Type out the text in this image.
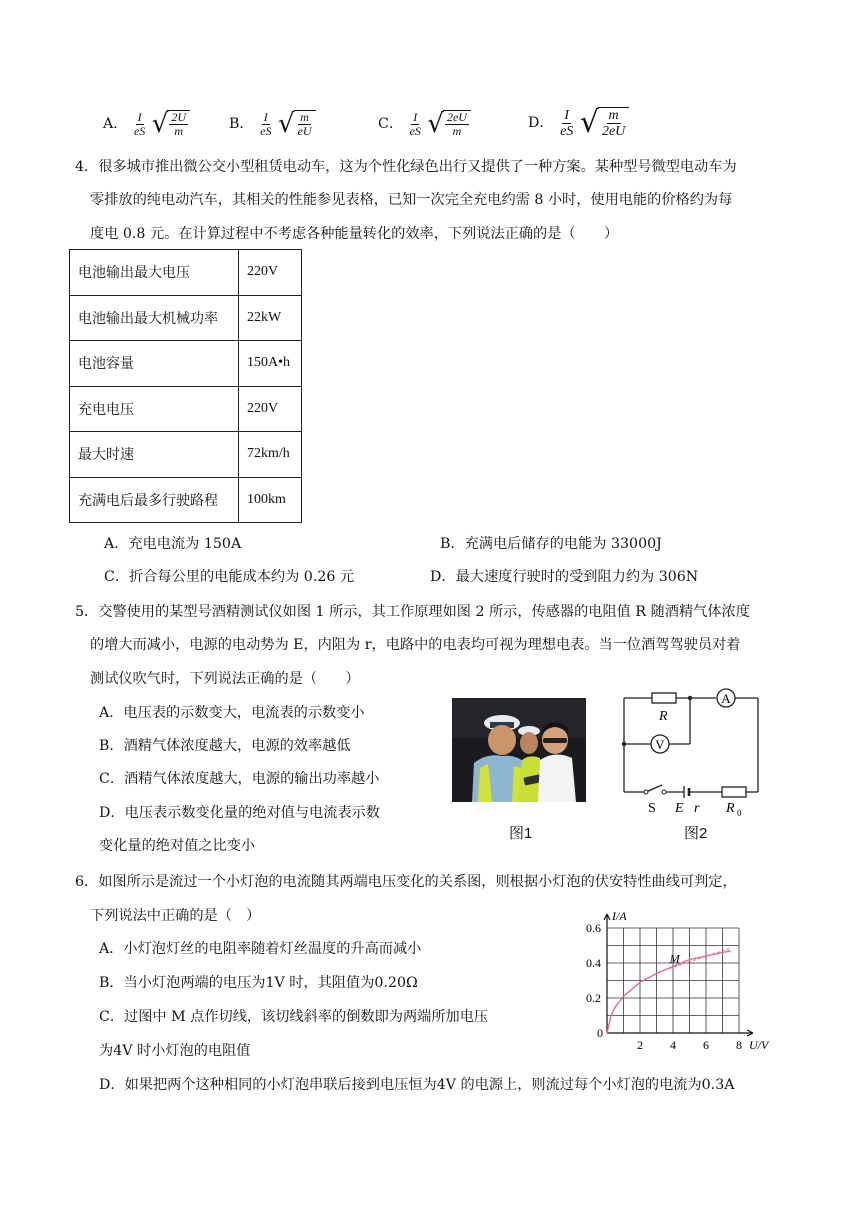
A． $\frac{I}{eS}$
√ $\frac{2U}{m}$	B． $\frac{I}{eS}$
√ $\frac{m}{eU}$	C． $\frac{I}{eS}$
√ $\frac{2eU}{m}$	D． $\frac{I}{eS}$
√ $\frac{m}{2eU}$
4．很多城市推出微公交小型租赁电动车，这为个性化绿色出行又提供了一种方案。某种型号微型电动车为
零排放的纯电动汽车，其相关的性能参见表格，已知一次完全充电约需 8 小时，使用电能的价格约为每
度电 0.8 元。在计算过程中不考虑各种能量转化的效率，下列说法正确的是（　　）
电池输出最大电压	220V
电池输出最大机械功率	22kW
电池容量	150A•h
充电电压	220V
最大时速	72km/h
充满电后最多行驶路程	100km
A．充电电流为 150A	B．充满电后储存的电能为 33000J
C．折合每公里的电能成本约为 0.26 元	D．最大速度行驶时的受到阻力约为 306N
5．交警使用的某型号酒精测试仪如图 1 所示，其工作原理如图 2 所示，传感器的电阻值 R 随酒精气体浓度
的增大而减小，电源的电动势为 E，内阻为 r，电路中的电表均可视为理想电表。当一位酒驾驾驶员对着
测试仪吹气时，下列说法正确的是（　　）
A．电压表的示数变大，电流表的示数变小
B．酒精气体浓度越大，电源的效率越低
C．酒精气体浓度越大，电源的输出功率越小
D．电压表示数变化量的绝对值与电流表示数
变化量的绝对值之比变小
图1
A
V
R
S E r R 0
图2
6．如图所示是流过一个小灯泡的电流随其两端电压变化的关系图，则根据小灯泡的伏安特性曲线可判定，
下列说法中正确的是（　）
A．小灯泡灯丝的电阻率随着灯丝温度的升高而减小
B．当小灯泡两端的电压为1V 时，其阻值为0.20Ω
C．过图中 M 点作切线，该切线斜率的倒数即为两端所加电压
为4V 时小灯泡的电阻值
D．如果把两个这种相同的小灯泡串联后接到电压恒为4V 的电源上，则流过每个小灯泡的电流为0.3A
0.2
0.4
0.6
2 4 6 8
I/A
U/V
M
0
